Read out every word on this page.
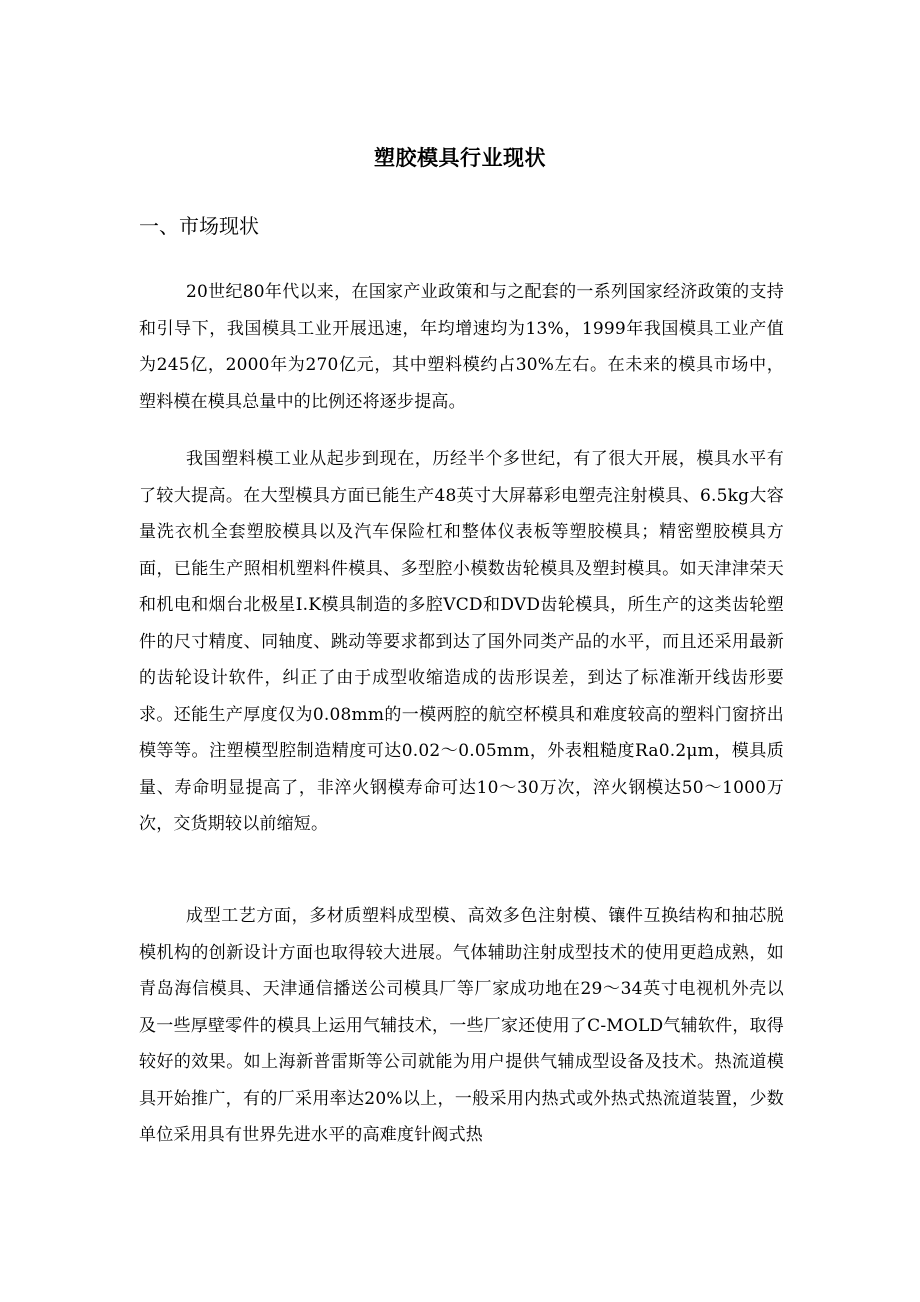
塑胶模具行业现状
一、市场现状

20世纪80年代以来，在国家产业政策和与之配套的一系列国家经济政策的支持和引导下，我国模具工业开展迅速，年均增速均为13%，1999年我国模具工业产值为245亿，2000年为270亿元，其中塑料模约占30%左右。在未来的模具市场中，塑料模在模具总量中的比例还将逐步提高。

我国塑料模工业从起步到现在，历经半个多世纪，有了很大开展，模具水平有了较大提高。在大型模具方面已能生产48英寸大屏幕彩电塑壳注射模具、6.5kg大容量洗衣机全套塑胶模具以及汽车保险杠和整体仪表板等塑胶模具；精密塑胶模具方面，已能生产照相机塑料件模具、多型腔小模数齿轮模具及塑封模具。如天津津荣天和机电和烟台北极星I.K模具制造的多腔VCD和DVD齿轮模具，所生产的这类齿轮塑件的尺寸精度、同轴度、跳动等要求都到达了国外同类产品的水平，而且还采用最新的齿轮设计软件，纠正了由于成型收缩造成的齿形误差，到达了标准渐开线齿形要求。还能生产厚度仅为0.08mm的一模两腔的航空杯模具和难度较高的塑料门窗挤出模等等。注塑模型腔制造精度可达0.02～0.05mm，外表粗糙度Ra0.2μm，模具质量、寿命明显提高了，非淬火钢模寿命可达10～30万次，淬火钢模达50～1000万次，交货期较以前缩短。

成型工艺方面，多材质塑料成型模、高效多色注射模、镶件互换结构和抽芯脱模机构的创新设计方面也取得较大进展。气体辅助注射成型技术的使用更趋成熟，如青岛海信模具、天津通信播送公司模具厂等厂家成功地在29～34英寸电视机外壳以及一些厚壁零件的模具上运用气辅技术，一些厂家还使用了C-MOLD气辅软件，取得较好的效果。如上海新普雷斯等公司就能为用户提供气辅成型设备及技术。热流道模具开始推广，有的厂采用率达20%以上，一般采用内热式或外热式热流道装置，少数单位采用具有世界先进水平的高难度针阀式热
